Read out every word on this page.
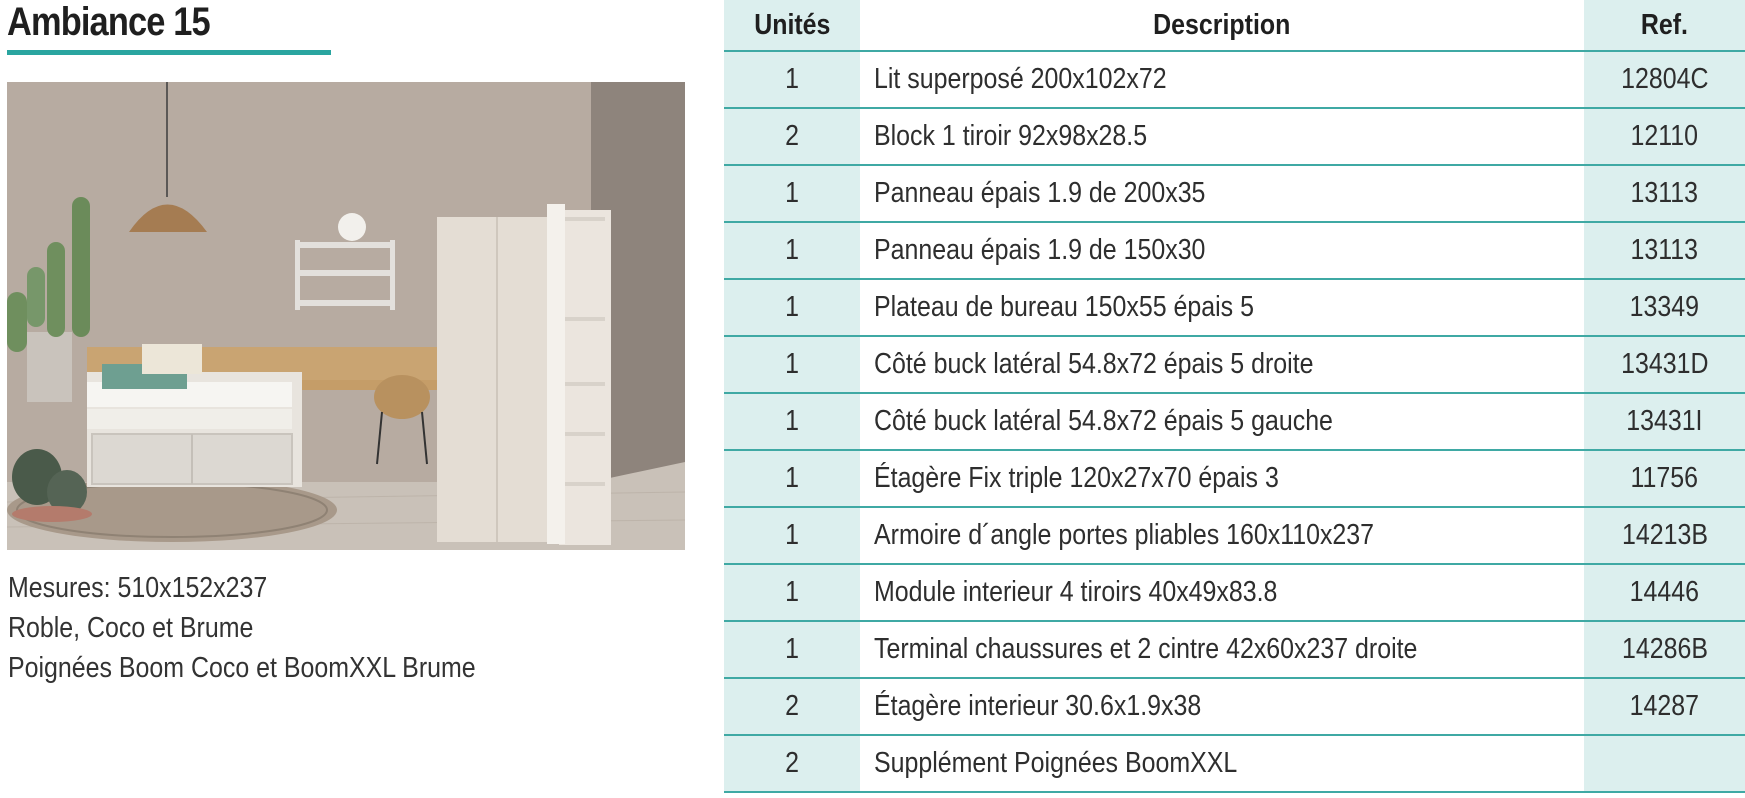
Ambiance 15
Mesures: 510x152x237
Roble, Coco et Brume
Poignées Boom Coco et BoomXXL Brume
Unités	Description	Ref.
1	Lit superposé 200x102x72	12804C
2	Block 1 tiroir 92x98x28.5	12110
1	Panneau épais 1.9 de 200x35	13113
1	Panneau épais 1.9 de 150x30	13113
1	Plateau de bureau 150x55 épais 5	13349
1	Côté buck latéral 54.8x72 épais 5 droite	13431D
1	Côté buck latéral 54.8x72 épais 5 gauche	13431I
1	Étagère Fix triple 120x27x70 épais 3	11756
1	Armoire d´angle portes pliables 160x110x237	14213B
1	Module interieur 4 tiroirs 40x49x83.8	14446
1	Terminal chaussures et 2 cintre 42x60x237 droite	14286B
2	Étagère interieur 30.6x1.9x38	14287
2	Supplément Poignées BoomXXL	
